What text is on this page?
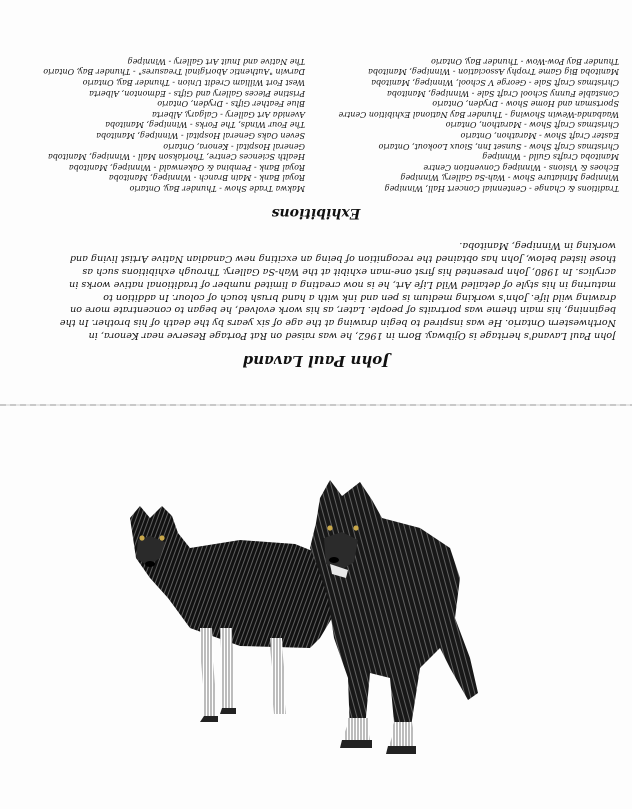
John Paul Lavand
John Paul Lavand's heritage is Ojibway. Born in 1962, he was raised on Rat Portage Reserve near Kenora, in
Northwestern Ontario. He was inspired to begin drawing at the age of six years by the death of his brother. In the
beginning, his main theme was portraits of people. Later, as his work evolved, he began to concentrate more on
drawing wild life. John's working medium is pen and ink with a hand brush touch of colour. In addition to
maturing in his style of detailed Wild Life Art, he is now creating a limited number of traditional native works in
acrylics. In 1980, John presented his first one-man exhibit at the Wah-Sa Gallery. Through exhibitions such as
those listed below, John has obtained the recognition of being an exciting new Canadian Native Artist living and
working in Winnipeg, Manitoba.
Exhibitions
Traditions & Change - Centennial Concert Hall, Winnipeg
Winnipeg Miniature Show - Wah-Sa Gallery, Winnipeg
Echoes & Visions - Winnipeg Convention Centre
Manitoba Crafts Guild - Winnipeg
Christmas Craft Show - Sunset Inn, Sioux Lookout, Ontario
Easter Craft Show - Marathon, Ontario
Christmas Craft Show - Marathon, Ontario
Waabanda-Wewin Showing - Thunder Bay National Exhibition Centre
Sportsman and Home Show - Dryden, Ontario
Constable Funny School Craft Sale - Winnipeg, Manitoba
Christmas Craft Sale - George V School, Winnipeg, Manitoba
Manitoba Big Game Trophy Association - Winnipeg, Manitoba
Thunder Bay Pow-Wow - Thunder Bay, Ontario
Makwa Trade Show - Thunder Bay, Ontario
Royal Bank - Main Branch - Winnipeg, Manitoba
Royal Bank - Pembina & Oakenwald - Winnipeg, Manitoba
Health Sciences Centre, Thorlakson Mall - Winnipeg, Manitoba
General Hospital - Kenora, Ontario
Seven Oaks General Hospital - Winnipeg, Manitoba
The Four Winds, The Forks - Winnipeg, Manitoba
Avenida Art Gallery - Calgary, Alberta
Blue Feather Gifts - Dryden, Ontario
Pristine Pieces Gallery and Gifts - Edmonton, Alberta
West Fort William Credit Union - Thunder Bay, Ontario
Darwin "Authentic Aboriginal Treasures" - Thunder Bay, Ontario
The Native and Inuit Art Gallery - Winnipeg
